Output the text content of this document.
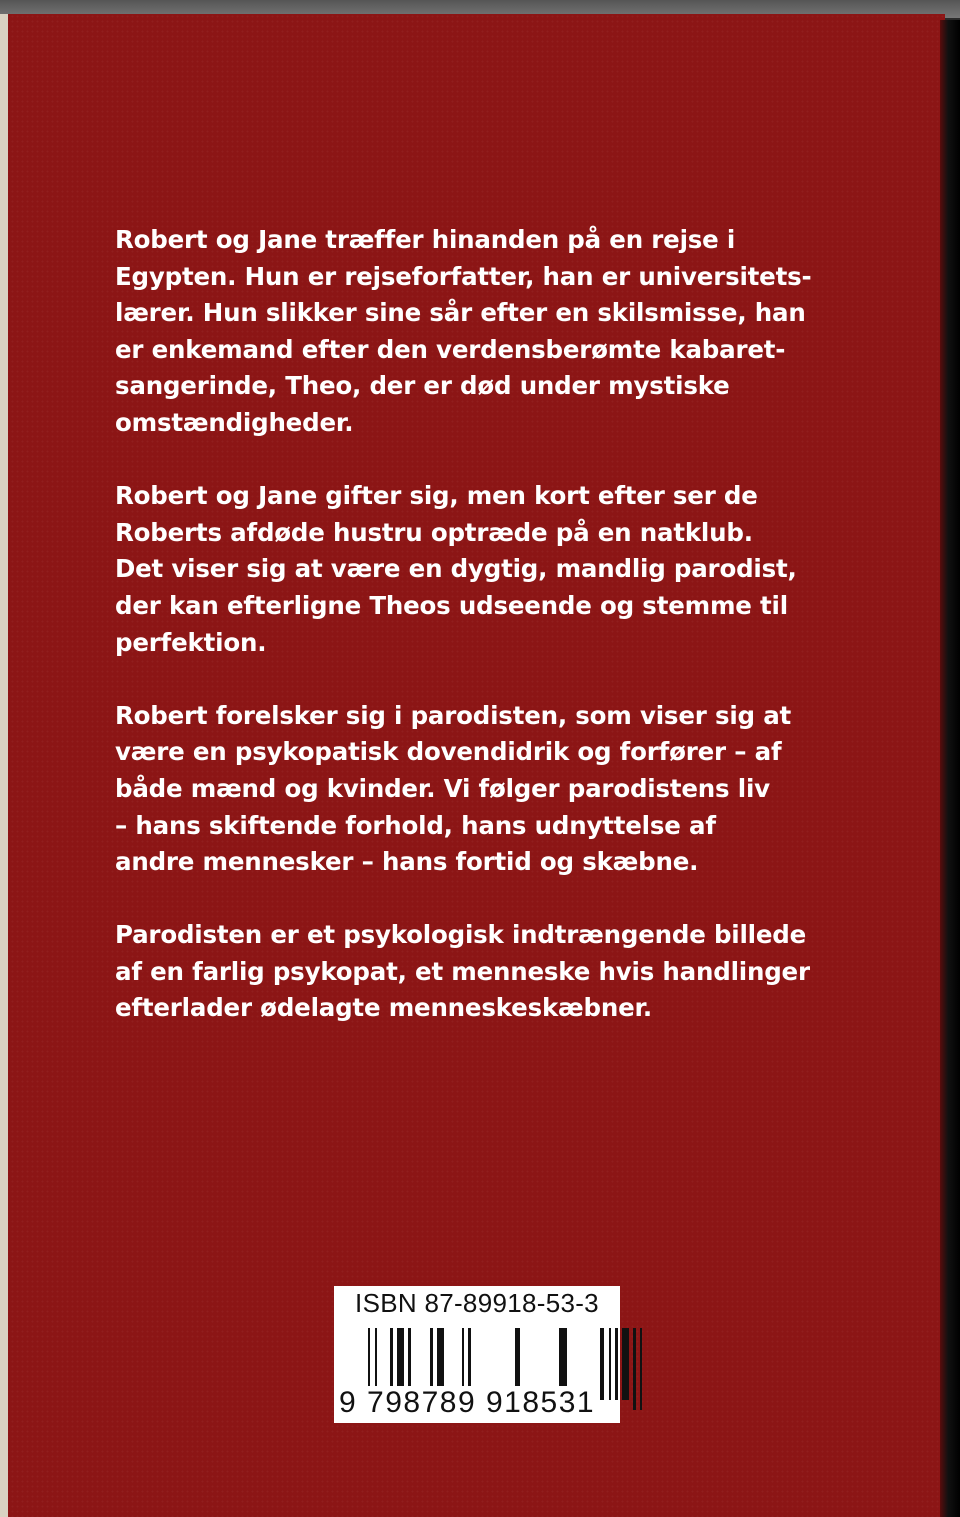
Robert og Jane træffer hinanden på en rejse i
Egypten. Hun er rejseforfatter, han er universitets-
lærer. Hun slikker sine sår efter en skilsmisse, han
er enkemand efter den verdensberømte kabaret-
sangerinde, Theo, der er død under mystiske
omstændigheder.
Robert og Jane gifter sig, men kort efter ser de
Roberts afdøde hustru optræde på en natklub.
Det viser sig at være en dygtig, mandlig parodist,
der kan efterligne Theos udseende og stemme til
perfektion.
Robert forelsker sig i parodisten, som viser sig at
være en psykopatisk dovendidrik og forfører – af
både mænd og kvinder. Vi følger parodistens liv
– hans skiftende forhold, hans udnyttelse af
andre mennesker – hans fortid og skæbne.
Parodisten er et psykologisk indtrængende billede
af en farlig psykopat, et menneske hvis handlinger
efterlader ødelagte menneskeskæbner.
ISBN 87-89918-53-3
9 798789 918531
